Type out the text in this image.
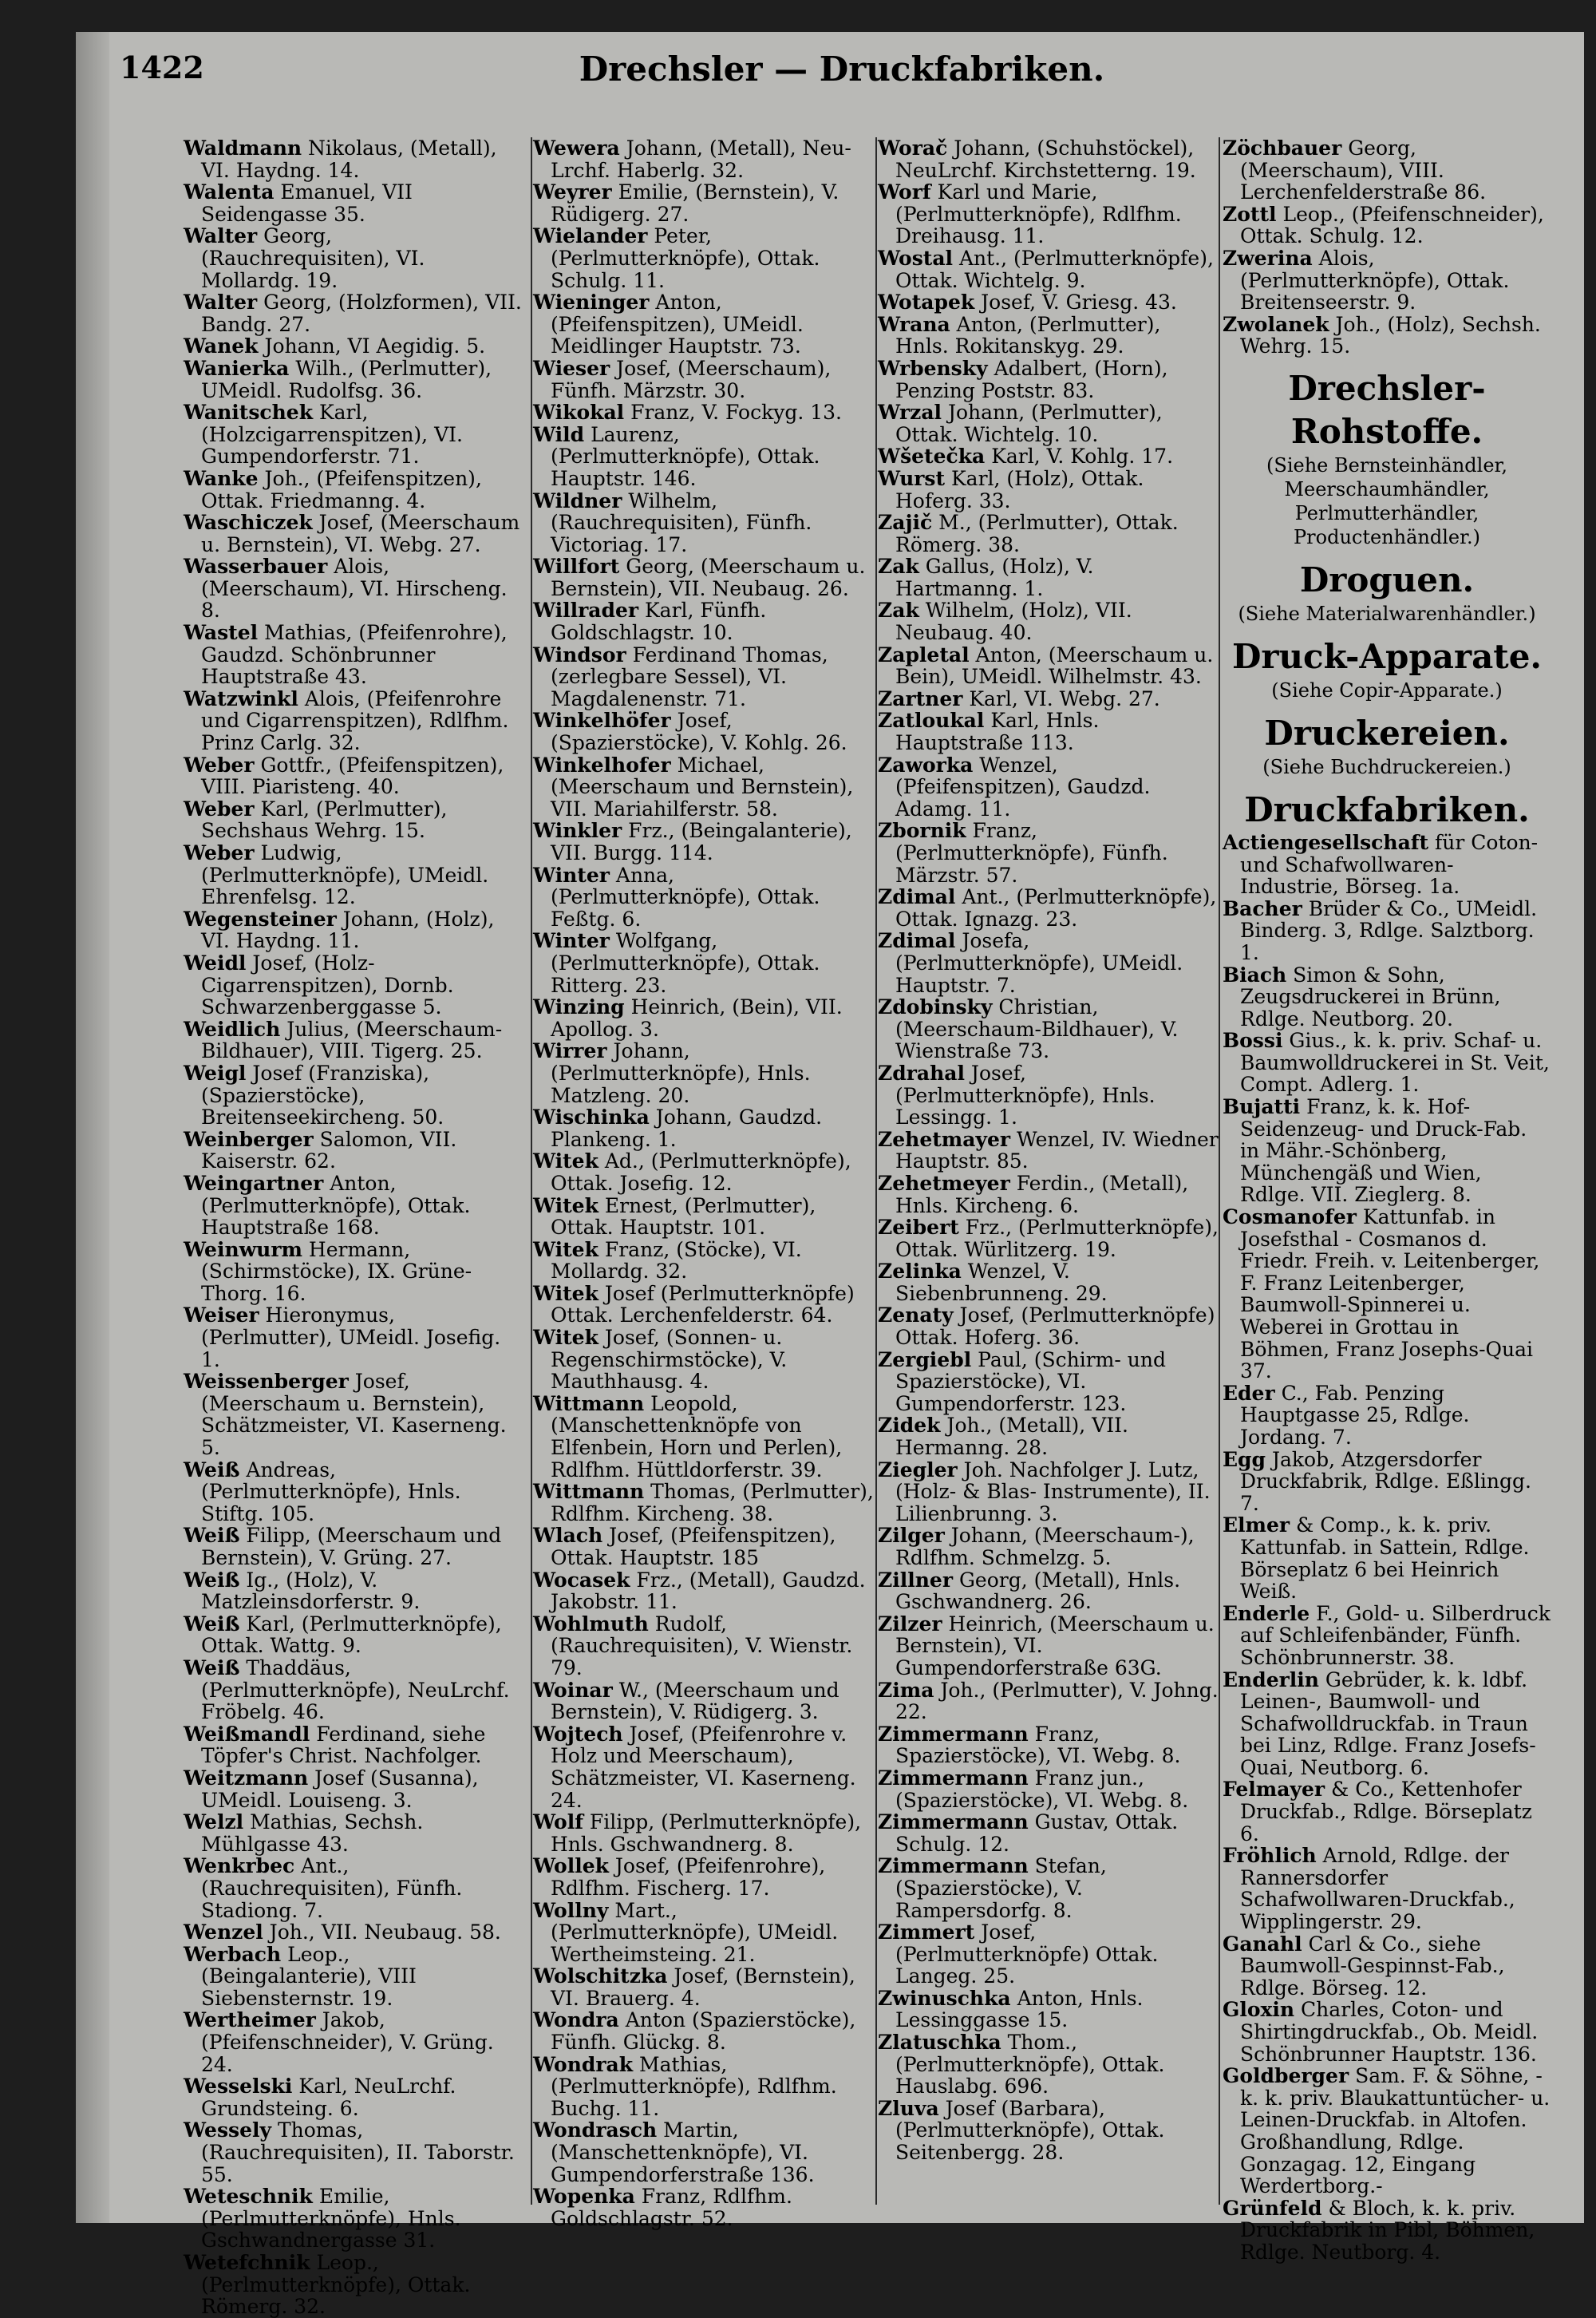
1422	Drechsler — Druckfabriken.
Waldmann Nikolaus, (Metall), VI. Haydng. 14.
Walenta Emanuel, VII Seidengasse 35.
Walter Georg, (Rauchrequisiten), VI. Mollardg. 19.
Walter Georg, (Holzformen), VII. Bandg. 27.
Wanek Johann, VI Aegidig. 5.
Wanierka Wilh., (Perlmutter), UMeidl. Rudolfsg. 36.
Wanitschek Karl, (Holzcigarrenspitzen), VI. Gumpendorferstr. 71.
Wanke Joh., (Pfeifenspitzen), Ottak. Friedmanng. 4.
Waschiczek Josef, (Meerschaum u. Bernstein), VI. Webg. 27.
Wasserbauer Alois, (Meerschaum), VI. Hirscheng. 8.
Wastel Mathias, (Pfeifenrohre), Gaudzd. Schönbrunner Hauptstraße 43.
Watzwinkl Alois, (Pfeifenrohre und Cigarrenspitzen), Rdlfhm. Prinz Carlg. 32.
Weber Gottfr., (Pfeifenspitzen), VIII. Piaristeng. 40.
Weber Karl, (Perlmutter), Sechshaus Wehrg. 15.
Weber Ludwig, (Perlmutterknöpfe), UMeidl. Ehrenfelsg. 12.
Wegensteiner Johann, (Holz), VI. Haydng. 11.
Weidl Josef, (Holz-Cigarrenspitzen), Dornb. Schwarzenberggasse 5.
Weidlich Julius, (Meerschaum-Bildhauer), VIII. Tigerg. 25.
Weigl Josef (Franziska), (Spazierstöcke), Breitenseekircheng. 50.
Weinberger Salomon, VII. Kaiserstr. 62.
Weingartner Anton, (Perlmutterknöpfe), Ottak. Hauptstraße 168.
Weinwurm Hermann, (Schirmstöcke), IX. Grüne-Thorg. 16.
Weiser Hieronymus, (Perlmutter), UMeidl. Josefig. 1.
Weissenberger Josef, (Meerschaum u. Bernstein), Schätzmeister, VI. Kaserneng. 5.
Weiß Andreas, (Perlmutterknöpfe), Hnls. Stiftg. 105.
Weiß Filipp, (Meerschaum und Bernstein), V. Grüng. 27.
Weiß Ig., (Holz), V. Matzleinsdorferstr. 9.
Weiß Karl, (Perlmutterknöpfe), Ottak. Wattg. 9.
Weiß Thaddäus, (Perlmutterknöpfe), NeuLrchf. Fröbelg. 46.
Weißmandl Ferdinand, siehe Töpfer's Christ. Nachfolger.
Weitzmann Josef (Susanna), UMeidl. Louiseng. 3.
Welzl Mathias, Sechsh. Mühlgasse 43.
Wenkrbec Ant., (Rauchrequisiten), Fünfh. Stadiong. 7.
Wenzel Joh., VII. Neubaug. 58.
Werbach Leop., (Beingalanterie), VIII Siebensternstr. 19.
Wertheimer Jakob, (Pfeifenschneider), V. Grüng. 24.
Wesselski Karl, NeuLrchf. Grundsteing. 6.
Wessely Thomas, (Rauchrequisiten), II. Taborstr. 55.
Weteschnik Emilie, (Perlmutterknöpfe), Hnls. Gschwandnergasse 31.
Wetefchnik Leop., (Perlmutterknöpfe), Ottak. Römerg. 32.
Wewera Johann, (Metall), Neu-Lrchf. Haberlg. 32.
Weyrer Emilie, (Bernstein), V. Rüdigerg. 27.
Wielander Peter, (Perlmutterknöpfe), Ottak. Schulg. 11.
Wieninger Anton, (Pfeifenspitzen), UMeidl. Meidlinger Hauptstr. 73.
Wieser Josef, (Meerschaum), Fünfh. Märzstr. 30.
Wikokal Franz, V. Fockyg. 13.
Wild Laurenz, (Perlmutterknöpfe), Ottak. Hauptstr. 146.
Wildner Wilhelm, (Rauchrequisiten), Fünfh. Victoriag. 17.
Willfort Georg, (Meerschaum u. Bernstein), VII. Neubaug. 26.
Willrader Karl, Fünfh. Goldschlagstr. 10.
Windsor Ferdinand Thomas, (zerlegbare Sessel), VI. Magdalenenstr. 71.
Winkelhöfer Josef, (Spazierstöcke), V. Kohlg. 26.
Winkelhofer Michael, (Meerschaum und Bernstein), VII. Mariahilferstr. 58.
Winkler Frz., (Beingalanterie), VII. Burgg. 114.
Winter Anna, (Perlmutterknöpfe), Ottak. Feßtg. 6.
Winter Wolfgang, (Perlmutterknöpfe), Ottak. Ritterg. 23.
Winzing Heinrich, (Bein), VII. Apollog. 3.
Wirrer Johann, (Perlmutterknöpfe), Hnls. Matzleng. 20.
Wischinka Johann, Gaudzd. Plankeng. 1.
Witek Ad., (Perlmutterknöpfe), Ottak. Josefig. 12.
Witek Ernest, (Perlmutter), Ottak. Hauptstr. 101.
Witek Franz, (Stöcke), VI. Mollardg. 32.
Witek Josef (Perlmutterknöpfe) Ottak. Lerchenfelderstr. 64.
Witek Josef, (Sonnen- u. Regenschirmstöcke), V. Mauthhausg. 4.
Wittmann Leopold, (Manschettenknöpfe von Elfenbein, Horn und Perlen), Rdlfhm. Hüttldorferstr. 39.
Wittmann Thomas, (Perlmutter), Rdlfhm. Kircheng. 38.
Wlach Josef, (Pfeifenspitzen), Ottak. Hauptstr. 185
Wocasek Frz., (Metall), Gaudzd. Jakobstr. 11.
Wohlmuth Rudolf, (Rauchrequisiten), V. Wienstr. 79.
Woinar W., (Meerschaum und Bernstein), V. Rüdigerg. 3.
Wojtech Josef, (Pfeifenrohre v. Holz und Meerschaum), Schätzmeister, VI. Kaserneng. 24.
Wolf Filipp, (Perlmutterknöpfe), Hnls. Gschwandnerg. 8.
Wollek Josef, (Pfeifenrohre), Rdlfhm. Fischerg. 17.
Wollny Mart., (Perlmutterknöpfe), UMeidl. Wertheimsteing. 21.
Wolschitzka Josef, (Bernstein), VI. Brauerg. 4.
Wondra Anton (Spazierstöcke), Fünfh. Glückg. 8.
Wondrak Mathias, (Perlmutterknöpfe), Rdlfhm. Buchg. 11.
Wondrasch Martin, (Manschettenknöpfe), VI. Gumpendorferstraße 136.
Wopenka Franz, Rdlfhm. Goldschlagstr. 52.
Worač Johann, (Schuhstöckel), NeuLrchf. Kirchstetterng. 19.
Worf Karl und Marie, (Perlmutterknöpfe), Rdlfhm. Dreihausg. 11.
Wostal Ant., (Perlmutterknöpfe), Ottak. Wichtelg. 9.
Wotapek Josef, V. Griesg. 43.
Wrana Anton, (Perlmutter), Hnls. Rokitanskyg. 29.
Wrbensky Adalbert, (Horn), Penzing Poststr. 83.
Wrzal Johann, (Perlmutter), Ottak. Wichtelg. 10.
Wšetečka Karl, V. Kohlg. 17.
Wurst Karl, (Holz), Ottak. Hoferg. 33.
Zajič M., (Perlmutter), Ottak. Römerg. 38.
Zak Gallus, (Holz), V. Hartmanng. 1.
Zak Wilhelm, (Holz), VII. Neubaug. 40.
Zapletal Anton, (Meerschaum u. Bein), UMeidl. Wilhelmstr. 43.
Zartner Karl, VI. Webg. 27.
Zatloukal Karl, Hnls. Hauptstraße 113.
Zaworka Wenzel, (Pfeifenspitzen), Gaudzd. Adamg. 11.
Zbornik Franz, (Perlmutterknöpfe), Fünfh. Märzstr. 57.
Zdimal Ant., (Perlmutterknöpfe), Ottak. Ignazg. 23.
Zdimal Josefa, (Perlmutterknöpfe), UMeidl. Hauptstr. 7.
Zdobinsky Christian, (Meerschaum-Bildhauer), V. Wienstraße 73.
Zdrahal Josef, (Perlmutterknöpfe), Hnls. Lessingg. 1.
Zehetmayer Wenzel, IV. Wiedner Hauptstr. 85.
Zehetmeyer Ferdin., (Metall), Hnls. Kircheng. 6.
Zeibert Frz., (Perlmutterknöpfe), Ottak. Würlitzerg. 19.
Zelinka Wenzel, V. Siebenbrunneng. 29.
Zenaty Josef, (Perlmutterknöpfe) Ottak. Hoferg. 36.
Zergiebl Paul, (Schirm- und Spazierstöcke), VI. Gumpendorferstr. 123.
Zidek Joh., (Metall), VII. Hermanng. 28.
Ziegler Joh. Nachfolger J. Lutz, (Holz- & Blas- Instrumente), II. Lilienbrunng. 3.
Zilger Johann, (Meerschaum-), Rdlfhm. Schmelzg. 5.
Zillner Georg, (Metall), Hnls. Gschwandnerg. 26.
Zilzer Heinrich, (Meerschaum u. Bernstein), VI. Gumpendorferstraße 63G.
Zima Joh., (Perlmutter), V. Johng. 22.
Zimmermann Franz, Spazierstöcke), VI. Webg. 8.
Zimmermann Franz jun., (Spazierstöcke), VI. Webg. 8.
Zimmermann Gustav, Ottak. Schulg. 12.
Zimmermann Stefan, (Spazierstöcke), V. Rampersdorfg. 8.
Zimmert Josef, (Perlmutterknöpfe) Ottak. Langeg. 25.
Zwinuschka Anton, Hnls. Lessinggasse 15.
Zlatuschka Thom., (Perlmutterknöpfe), Ottak. Hauslabg. 696.
Zluva Josef (Barbara), (Perlmutterknöpfe), Ottak. Seitenbergg. 28.
Zöchbauer Georg, (Meerschaum), VIII. Lerchenfelderstraße 86.
Zottl Leop., (Pfeifenschneider), Ottak. Schulg. 12.
Zwerina Alois, (Perlmutterknöpfe), Ottak. Breitenseerstr. 9.
Zwolanek Joh., (Holz), Sechsh. Wehrg. 15.
Drechsler-Rohstoffe.
(Siehe Bernsteinhändler, Meerschaumhändler, Perlmutterhändler, Productenhändler.)
Droguen.
(Siehe Materialwarenhändler.)
Druck-Apparate.
(Siehe Copir-Apparate.)
Druckereien.
(Siehe Buchdruckereien.)
Druckfabriken.
Actiengesellschaft für Coton- und Schafwollwaren-Industrie, Börseg. 1a.
Bacher Brüder & Co., UMeidl. Binderg. 3, Rdlge. Salztborg. 1.
Biach Simon & Sohn, Zeugsdruckerei in Brünn, Rdlge. Neutborg. 20.
Bossi Gius., k. k. priv. Schaf- u. Baumwolldruckerei in St. Veit, Compt. Adlerg. 1.
Bujatti Franz, k. k. Hof-Seidenzeug- und Druck-Fab. in Mähr.-Schönberg, Münchengäß und Wien, Rdlge. VII. Zieglerg. 8.
Cosmanofer Kattunfab. in Josefsthal - Cosmanos d. Friedr. Freih. v. Leitenberger, F. Franz Leitenberger, Baumwoll-Spinnerei u. Weberei in Grottau in Böhmen, Franz Josephs-Quai 37.
Eder C., Fab. Penzing Hauptgasse 25, Rdlge. Jordang. 7.
Egg Jakob, Atzgersdorfer Druckfabrik, Rdlge. Eßlingg. 7.
Elmer & Comp., k. k. priv. Kattunfab. in Sattein, Rdlge. Börseplatz 6 bei Heinrich Weiß.
Enderle F., Gold- u. Silberdruck auf Schleifenbänder, Fünfh. Schönbrunnerstr. 38.
Enderlin Gebrüder, k. k. ldbf. Leinen-, Baumwoll- und Schafwolldruckfab. in Traun bei Linz, Rdlge. Franz Josefs-Quai, Neutborg. 6.
Felmayer & Co., Kettenhofer Druckfab., Rdlge. Börseplatz 6.
Fröhlich Arnold, Rdlge. der Rannersdorfer Schafwollwaren-Druckfab., Wipplingerstr. 29.
Ganahl Carl & Co., siehe Baumwoll-Gespinnst-Fab., Rdlge. Börseg. 12.
Gloxin Charles, Coton- und Shirtingdruckfab., Ob. Meidl. Schönbrunner Hauptstr. 136.
Goldberger Sam. F. & Söhne, - k. k. priv. Blaukattuntücher- u. Leinen-Druckfab. in Altofen. Großhandlung, Rdlge. Gonzagag. 12, Eingang Werdertborg.-
Grünfeld & Bloch, k. k. priv. Druckfabrik in Pibl, Böhmen, Rdlge. Neutborg. 4.
